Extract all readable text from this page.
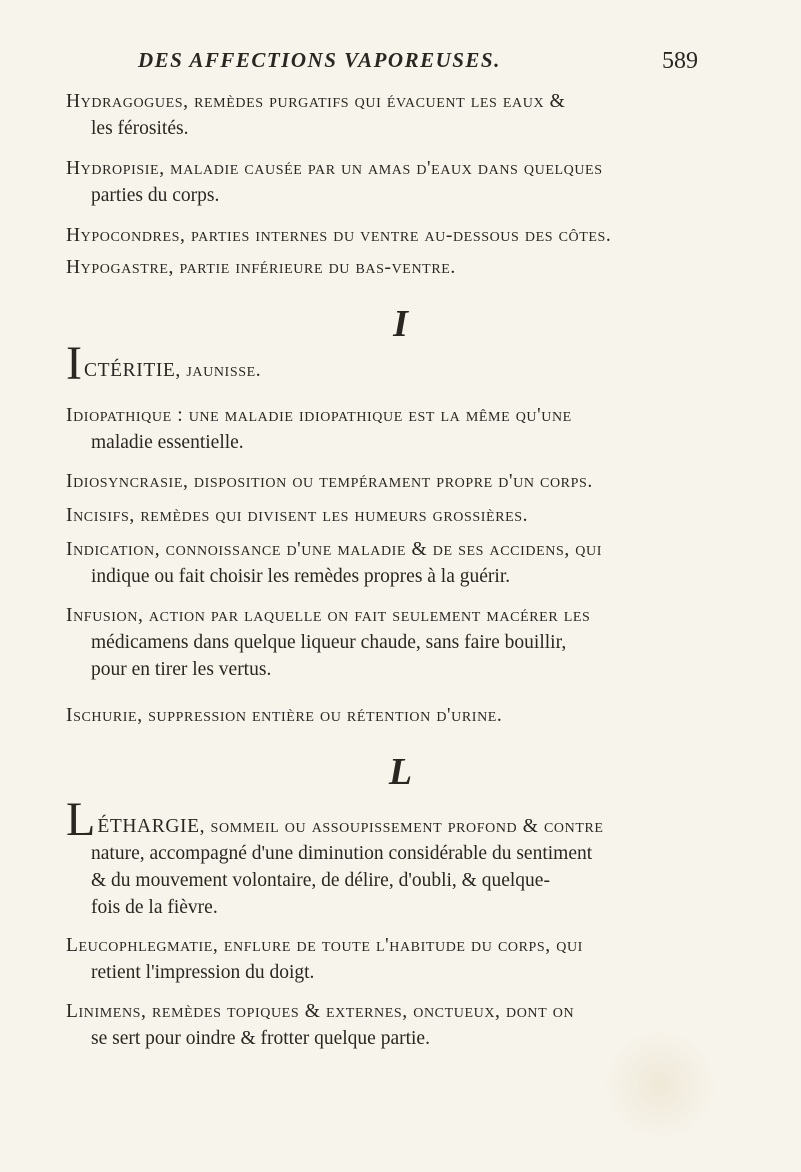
DES AFFECTIONS VAPOREUSES.	589
Hydragogues, remèdes purgatifs qui évacuent les eaux &
les férosités.
Hydropisie, maladie causée par un amas d'eaux dans quelques
parties du corps.
Hypocondres, parties internes du ventre au-dessous des côtes.
Hypogastre, partie inférieure du bas-ventre.
I
ICTÉRITIE, jaunisse.
Idiopathique : une maladie idiopathique est la même qu'une
maladie essentielle.
Idiosyncrasie, disposition ou tempérament propre d'un corps.
Incisifs, remèdes qui divisent les humeurs grossières.
Indication, connoissance d'une maladie & de ses accidens, qui
indique ou fait choisir les remèdes propres à la guérir.
Infusion, action par laquelle on fait seulement macérer les
médicamens dans quelque liqueur chaude, sans faire bouillir,
pour en tirer les vertus.
Ischurie, suppression entière ou rétention d'urine.
L
LÉTHARGIE, sommeil ou assoupissement profond & contre
nature, accompagné d'une diminution considérable du sentiment
& du mouvement volontaire, de délire, d'oubli, & quelque-
fois de la fièvre.
Leucophlegmatie, enflure de toute l'habitude du corps, qui
retient l'impression du doigt.
Linimens, remèdes topiques & externes, onctueux, dont on
se sert pour oindre & frotter quelque partie.
